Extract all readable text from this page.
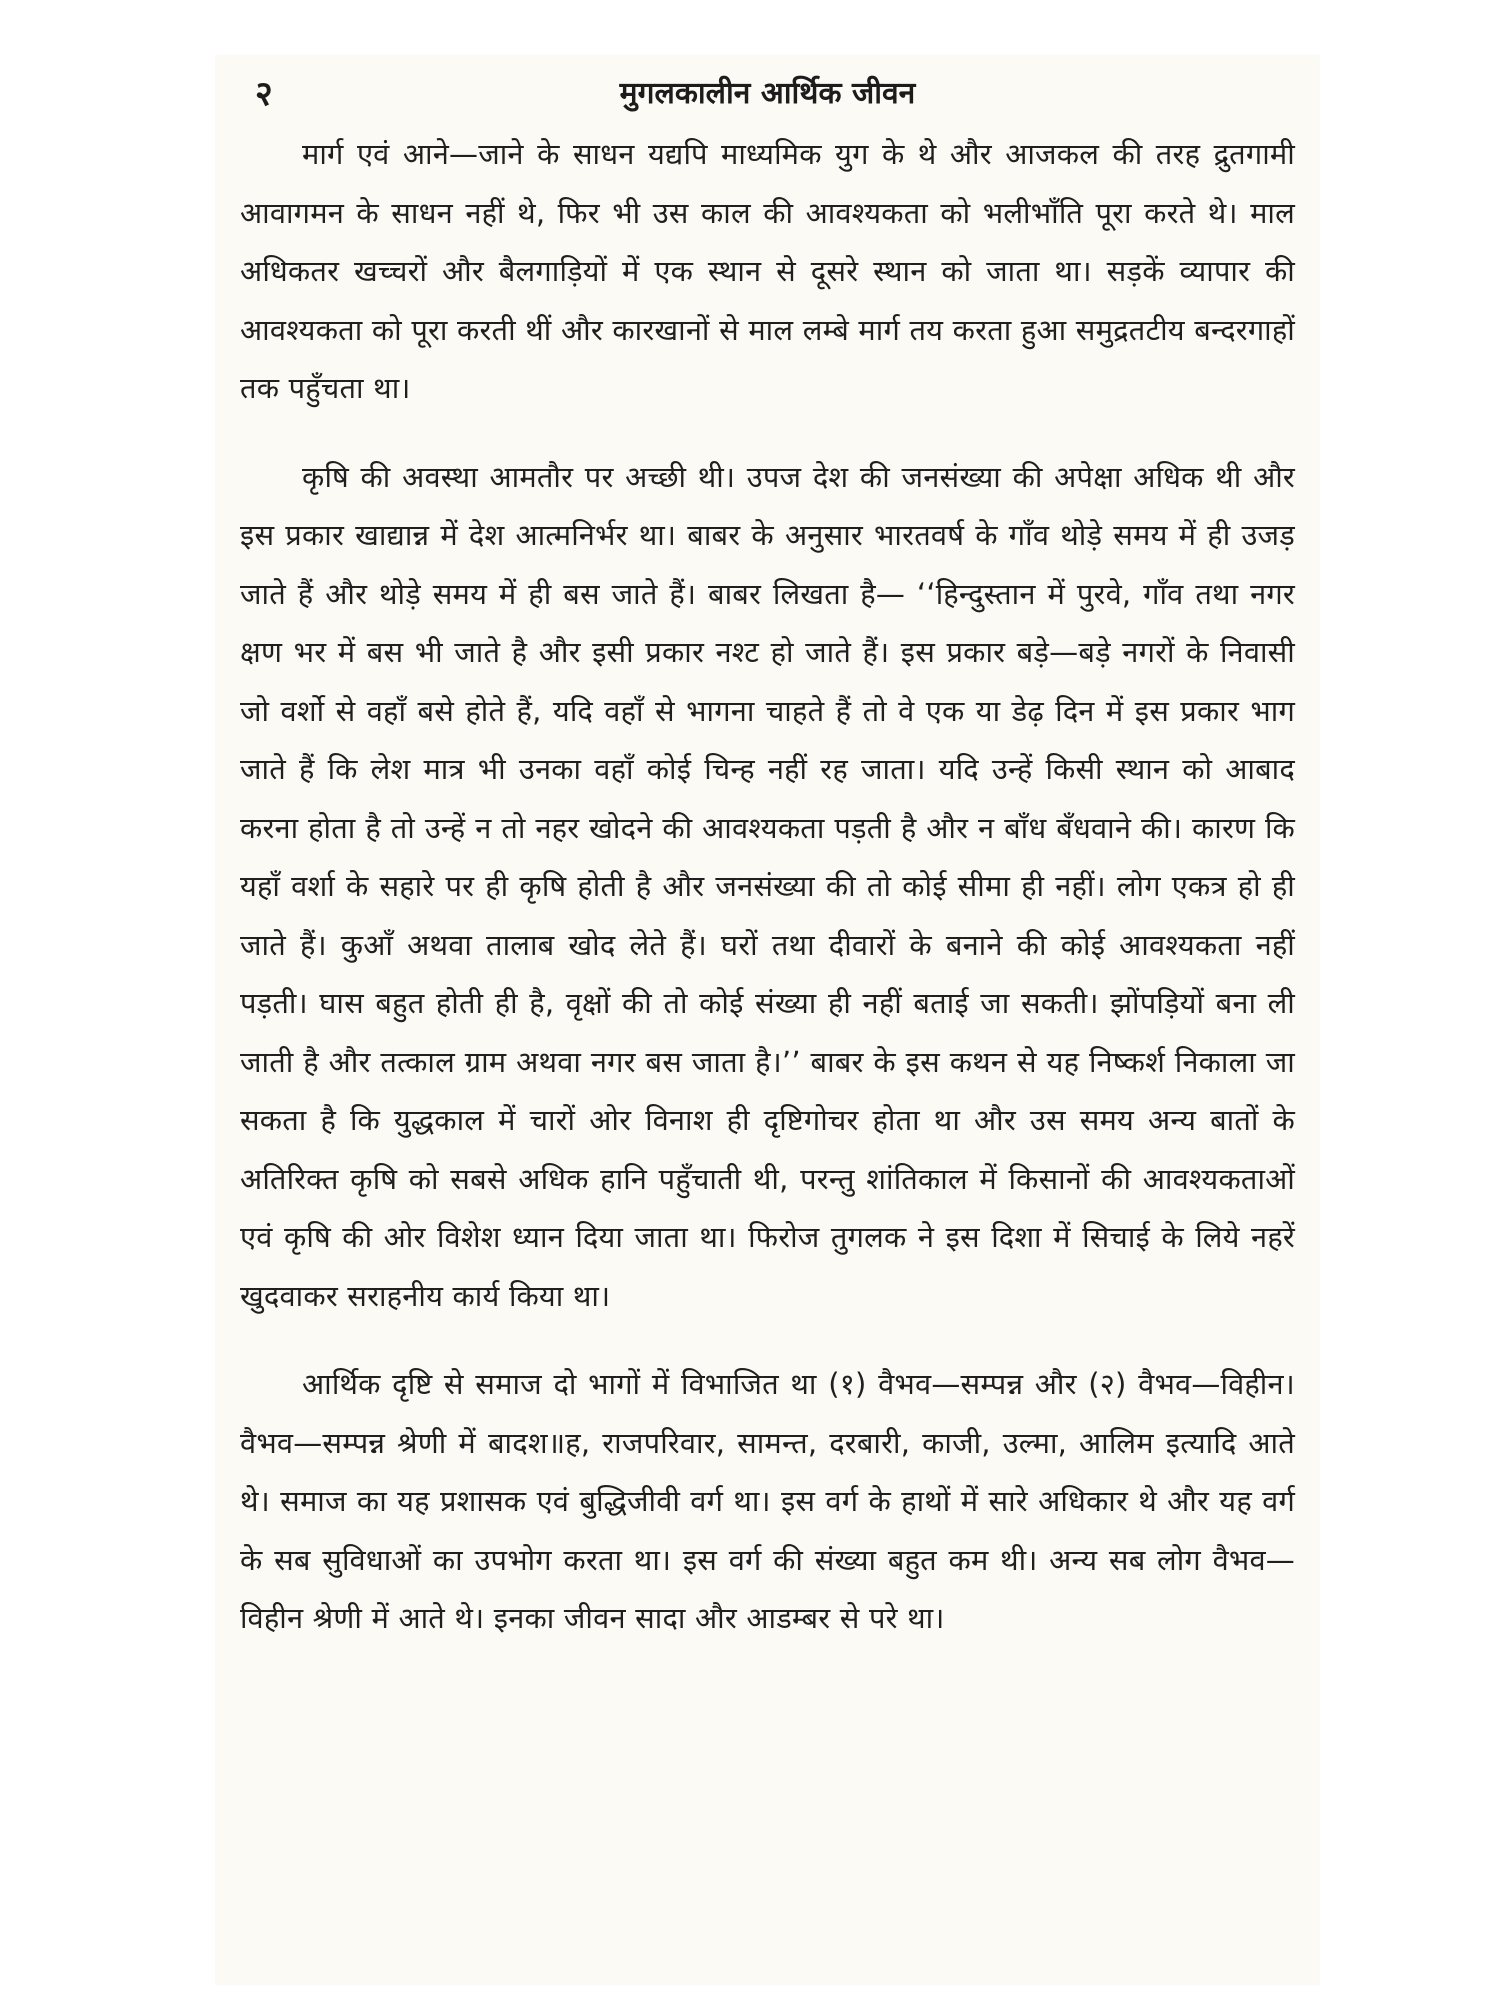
२	मुगलकालीन आर्थिक जीवन

मार्ग एवं आने—जाने के साधन यद्यपि माध्यमिक युग के थे और आजकल की तरह द्रुतगामी आवागमन के साधन नहीं थे, फिर भी उस काल की आवश्यकता को भलीभाँति पूरा करते थे। माल अधिकतर खच्चरों और बैलगाड़ियों में एक स्थान से दूसरे स्थान को जाता था। सड़कें व्यापार की आवश्यकता को पूरा करती थीं और कारखानों से माल लम्बे मार्ग तय करता हुआ समुद्रतटीय बन्दरगाहों तक पहुँचता था।

कृषि की अवस्था आमतौर पर अच्छी थी। उपज देश की जनसंख्या की अपेक्षा अधिक थी और इस प्रकार खाद्यान्न में देश आत्मनिर्भर था। बाबर के अनुसार भारतवर्ष के गाँव थोड़े समय में ही उजड़ जाते हैं और थोड़े समय में ही बस जाते हैं। बाबर लिखता है— ‘‘हिन्दुस्तान में पुरवे, गाँव तथा नगर क्षण भर में बस भी जाते है और इसी प्रकार नश्ट हो जाते हैं। इस प्रकार बड़े—बड़े नगरों के निवासी जो वर्शो से वहाँ बसे होते हैं, यदि वहाँ से भागना चाहते हैं तो वे एक या डेढ़ दिन में इस प्रकार भाग जाते हैं कि लेश मात्र भी उनका वहाँ कोई चिन्ह नहीं रह जाता। यदि उन्हें किसी स्थान को आबाद करना होता है तो उन्हें न तो नहर खोदने की आवश्यकता पड़ती है और न बाँध बँधवाने की। कारण कि यहाँ वर्शा के सहारे पर ही कृषि होती है और जनसंख्या की तो कोई सीमा ही नहीं। लोग एकत्र हो ही जाते हैं। कुआँ अथवा तालाब खोद लेते हैं। घरों तथा दीवारों के बनाने की कोई आवश्यकता नहीं पड़ती। घास बहुत होती ही है, वृक्षों की तो कोई संख्या ही नहीं बताई जा सकती। झोंपड़ियों बना ली जाती है और तत्काल ग्राम अथवा नगर बस जाता है।’’ बाबर के इस कथन से यह निष्कर्श निकाला जा सकता है कि युद्धकाल में चारों ओर विनाश ही दृष्टिगोचर होता था और उस समय अन्य बातों के अतिरिक्त कृषि को सबसे अधिक हानि पहुँचाती थी, परन्तु शांतिकाल में किसानों की आवश्यकताओं एवं कृषि की ओर विशेश ध्यान दिया जाता था। फिरोज तुगलक ने इस दिशा में सिचाई के लिये नहरें खुदवाकर सराहनीय कार्य किया था।

आर्थिक दृष्टि से समाज दो भागों में विभाजित था (१) वैभव—सम्पन्न और (२) वैभव—विहीन। वैभव—सम्पन्न श्रेणी में बादश॥ह, राजपरिवार, सामन्त, दरबारी, काजी, उल्मा, आलिम इत्यादि आते थे। समाज का यह प्रशासक एवं बुद्धिजीवी वर्ग था। इस वर्ग के हाथों में सारे अधिकार थे और यह वर्ग के सब सुविधाओं का उपभोग करता था। इस वर्ग की संख्या बहुत कम थी। अन्य सब लोग वैभव—विहीन श्रेणी में आते थे। इनका जीवन सादा और आडम्बर से परे था।
